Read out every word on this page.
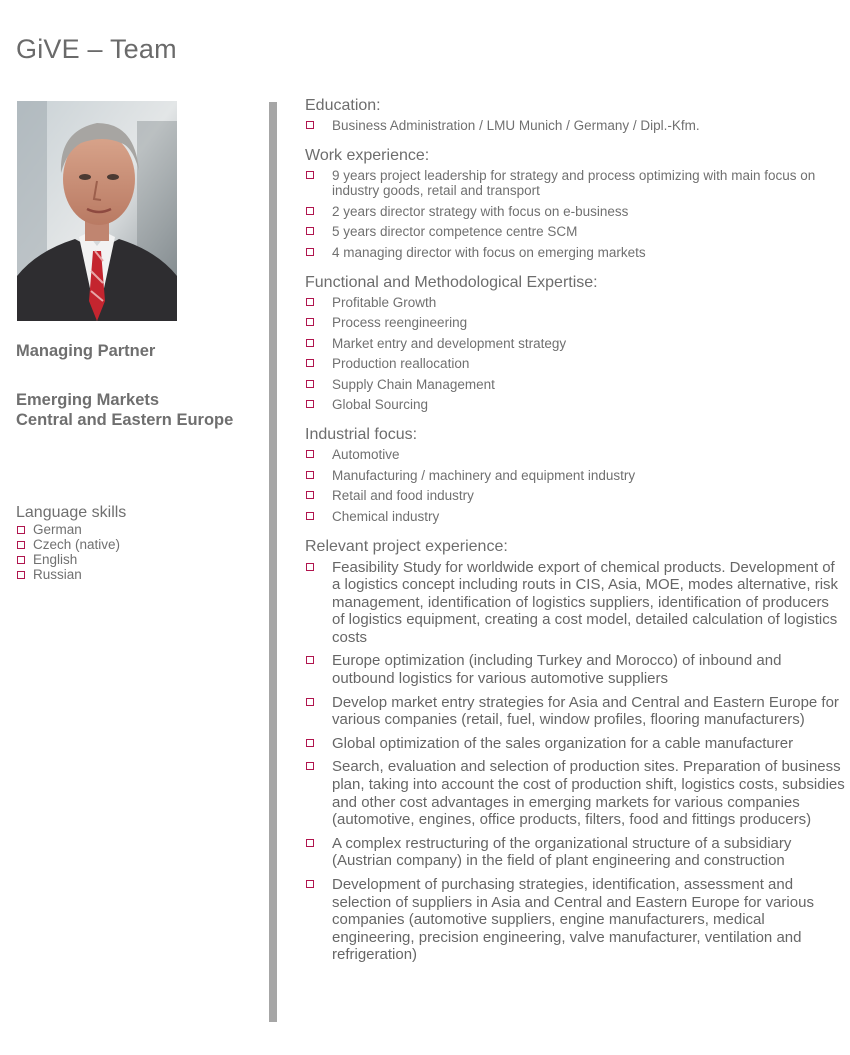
GiVE – Team
Managing Partner
Emerging Markets
Central and Eastern Europe
Language skills
German
Czech (native)
English
Russian
Education:
Business Administration / LMU Munich / Germany / Dipl.-Kfm.
Work experience:
9 years project leadership for strategy and process optimizing with main focus on industry goods, retail and transport
2 years director strategy with focus on e-business
5 years director competence centre SCM
4 managing director with focus on emerging markets
Functional and Methodological Expertise:
Profitable Growth
Process reengineering
Market entry and development strategy
Production reallocation
Supply Chain Management
Global Sourcing
Industrial focus:
Automotive
Manufacturing / machinery and equipment industry
Retail and food industry
Chemical industry
Relevant project experience:
Feasibility Study for worldwide export of chemical products. Development of a logistics concept including routs in CIS, Asia, MOE, modes alternative, risk management, identification of logistics suppliers, identification of producers of logistics equipment, creating a cost model, detailed calculation of logistics costs
Europe optimization (including Turkey and Morocco) of inbound and outbound logistics for various automotive suppliers
Develop market entry strategies for Asia and Central and Eastern Europe for various companies (retail, fuel, window profiles, flooring manufacturers)
Global optimization of the sales organization for a cable manufacturer
Search, evaluation and selection of production sites. Preparation of business plan, taking into account the cost of production shift, logistics costs, subsidies and other cost advantages in emerging markets for various companies (automotive, engines, office products, filters, food and fittings producers)
A complex restructuring of the organizational structure of a subsidiary (Austrian company) in the field of plant engineering and construction
Development of purchasing strategies, identification, assessment and selection of suppliers in Asia and Central and Eastern Europe for various companies (automotive suppliers, engine manufacturers, medical engineering, precision engineering, valve manufacturer, ventilation and refrigeration)
